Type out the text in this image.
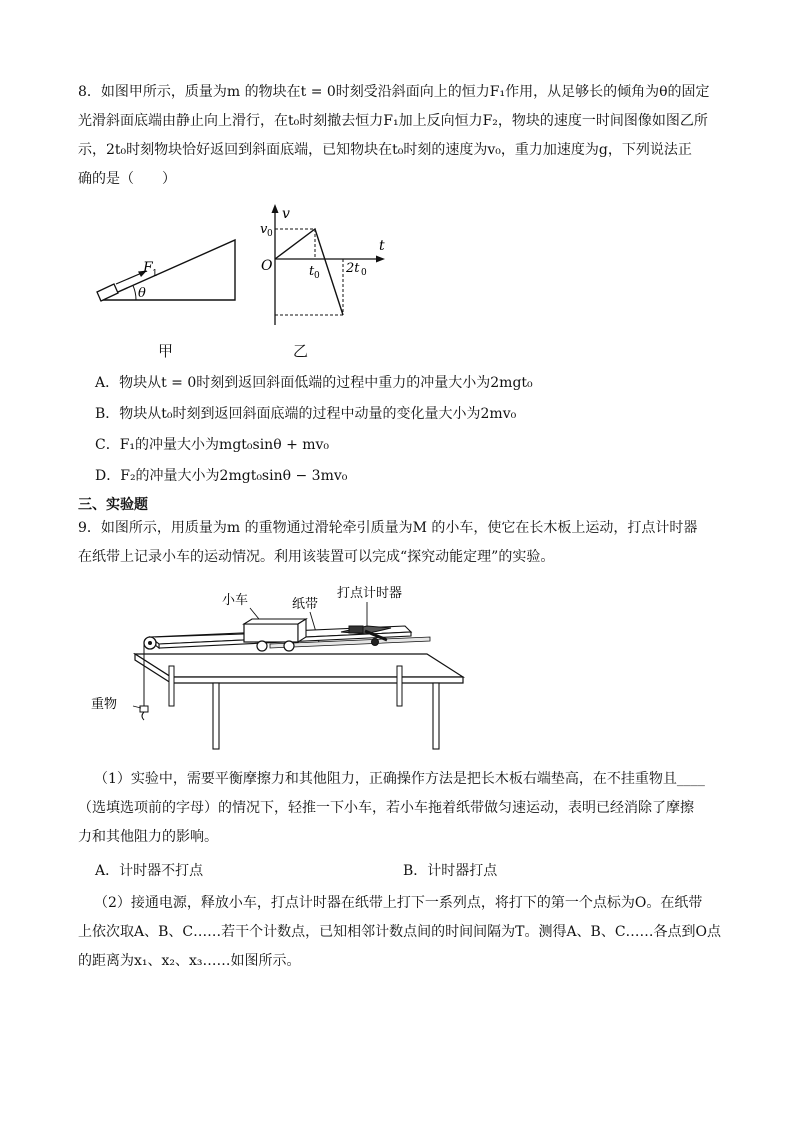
8．如图甲所示，质量为m 的物块在t = 0时刻受沿斜面向上的恒力F₁作用，从足够长的倾角为θ的固定
光滑斜面底端由静止向上滑行，在t₀时刻撤去恒力F₁加上反向恒力F₂，物块的速度一时间图像如图乙所
示，2t₀时刻物块恰好返回到斜面底端，已知物块在t₀时刻的速度为v₀，重力加速度为g，下列说法正
确的是（　　）
F 1
θ
甲
v
t
O
v 0
t 0 2t 0
乙
A．物块从t = 0时刻到返回斜面低端的过程中重力的冲量大小为2mgt₀
B．物块从t₀时刻到返回斜面底端的过程中动量的变化量大小为2mv₀
C．F₁的冲量大小为mgt₀sinθ + mv₀
D．F₂的冲量大小为2mgt₀sinθ − 3mv₀
三、实验题
9．如图所示，用质量为m 的重物通过滑轮牵引质量为M 的小车，使它在长木板上运动，打点计时器
在纸带上记录小车的运动情况。利用该装置可以完成“探究动能定理”的实验。
小车	纸带
打点计时器
重物
（1）实验中，需要平衡摩擦力和其他阻力，正确操作方法是把长木板右端垫高，在不挂重物且____
（选填选项前的字母）的情况下，轻推一下小车，若小车拖着纸带做匀速运动，表明已经消除了摩擦
力和其他阻力的影响。
A．计时器不打点	B．计时器打点
（2）接通电源，释放小车，打点计时器在纸带上打下一系列点，将打下的第一个点标为O。在纸带
上依次取A、B、C……若干个计数点，已知相邻计数点间的时间间隔为T。测得A、B、C……各点到O点
的距离为x₁、x₂、x₃……如图所示。
